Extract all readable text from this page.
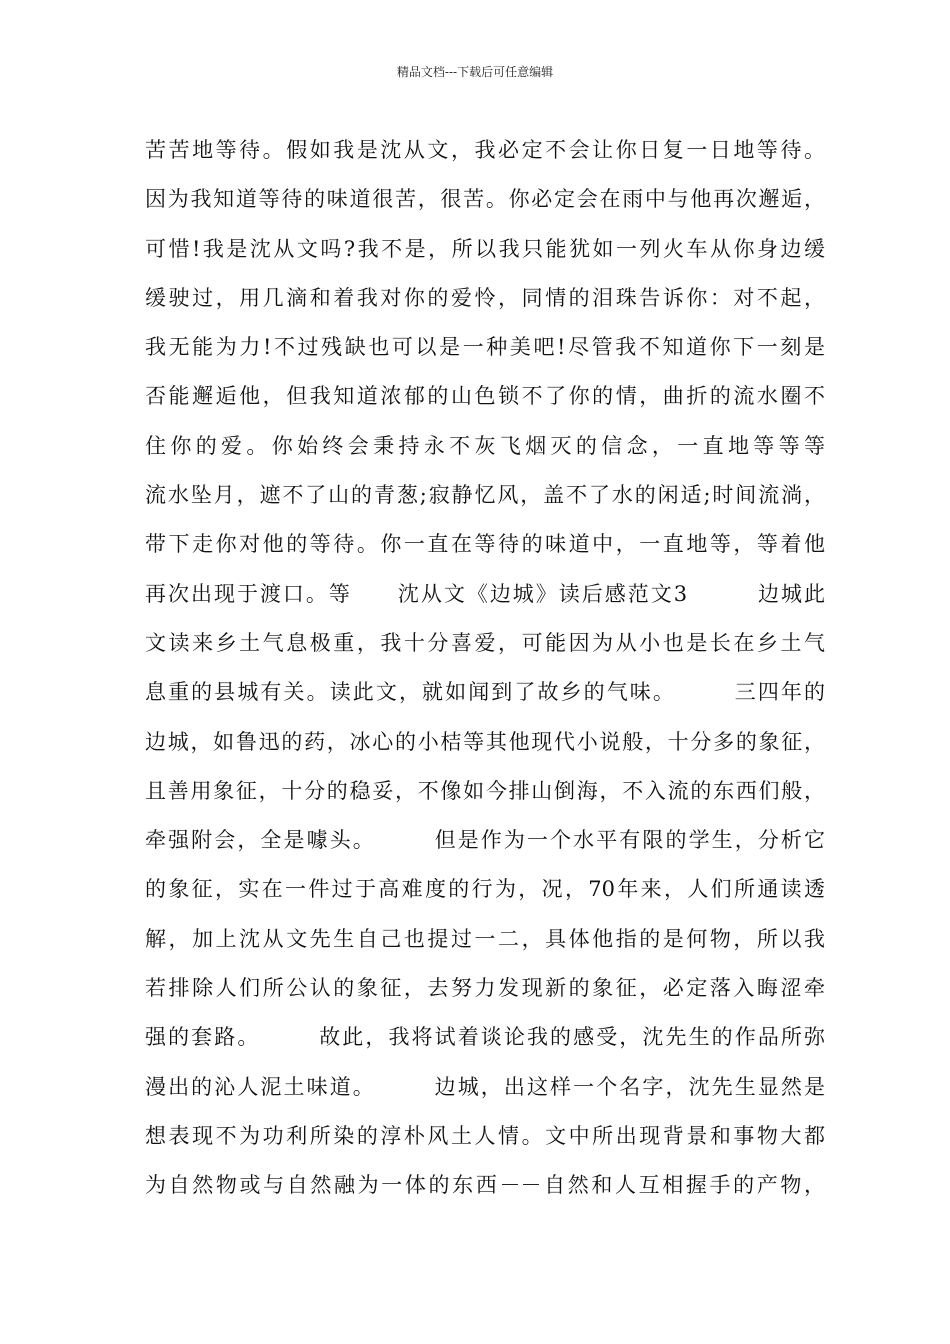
精品文档---下载后可任意编辑
苦苦地等待。假如我是沈从文，我必定不会让你日复一日地等待。
因为我知道等待的味道很苦，很苦。你必定会在雨中与他再次邂逅，
可惜!我是沈从文吗?我不是，所以我只能犹如一列火车从你身边缓
缓驶过，用几滴和着我对你的爱怜，同情的泪珠告诉你：对不起，
我无能为力!不过残缺也可以是一种美吧!尽管我不知道你下一刻是
否能邂逅他，但我知道浓郁的山色锁不了你的情，曲折的流水圈不
住你的爱。你始终会秉持永不灰飞烟灭的信念，一直地等等等
流水坠月，遮不了山的青葱;寂静忆风，盖不了水的闲适;时间流淌，
带下走你对他的等待。你一直在等待的味道中，一直地等，等着他
再次出现于渡口。等　　沈从文《边城》读后感范文3　　　边城此
文读来乡土气息极重，我十分喜爱，可能因为从小也是长在乡土气
息重的县城有关。读此文，就如闻到了故乡的气味。　　　三四年的
边城，如鲁迅的药，冰心的小桔等其他现代小说般，十分多的象征，
且善用象征，十分的稳妥，不像如今排山倒海，不入流的东西们般，
牵强附会，全是噱头。　　　但是作为一个水平有限的学生，分析它
的象征，实在一件过于高难度的行为，况，70年来，人们所通读透
解，加上沈从文先生自己也提过一二，具体他指的是何物，所以我
若排除人们所公认的象征，去努力发现新的象征，必定落入晦涩牵
强的套路。　　　故此，我将试着谈论我的感受，沈先生的作品所弥
漫出的沁人泥土味道。　　　边城，出这样一个名字，沈先生显然是
想表现不为功利所染的淳朴风土人情。文中所出现背景和事物大都
为自然物或与自然融为一体的东西－－自然和人互相握手的产物，
